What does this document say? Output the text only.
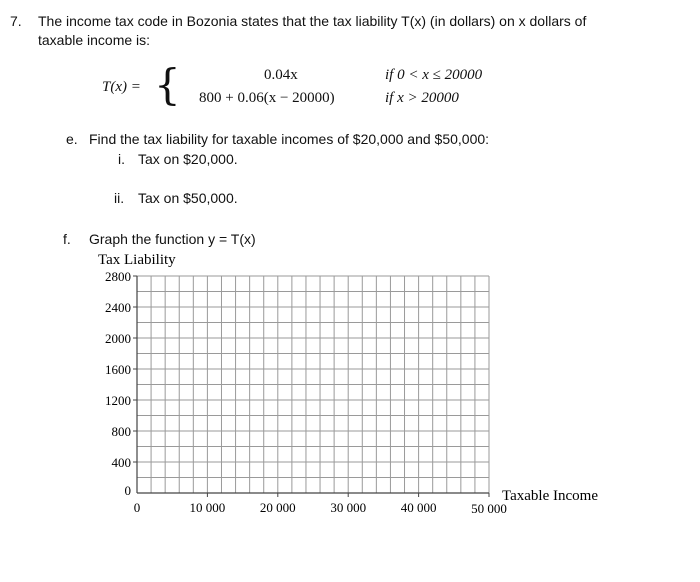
7. The income tax code in Bozonia states that the tax liability T(x) (in dollars) on x dollars of
taxable income is:
T(x) = {	0.04x	if 0 < x ≤ 20000
800 + 0.06(x − 20000)	if x > 20000
e. Find the tax liability for taxable incomes of $20,000 and $50,000:
i. Tax on $20,000.
ii. Tax on $50,000.
f. Graph the function y = T(x)
0
400
800
1200
1600
2000
2400
2800
0	10 000	20 000	30 000	40 000	50 000
Tax Liability
Taxable Income
